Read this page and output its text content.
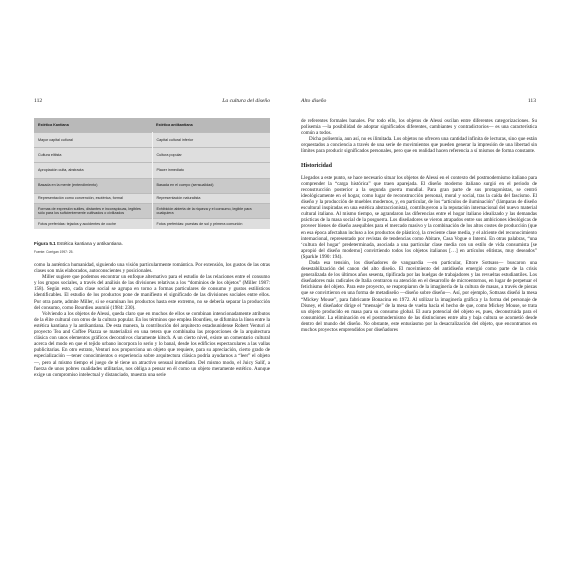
112	La cultura del diseño
Estética Kantiana	Estética antikantiana
Mayor capital cultural	Capital cultural inferior
Cultura elitista	Cultura popular
Apropiación culta, abstracta	Placer inmediato
Basada en la mente (entendimiento)	Basada en el cuerpo (sensualidad)
Representación como convención, esotérica, formal	Representación naturalista
Formas de expresión sutiles, distantes e inconspicuas, legibles sólo para los suficientemente cultivados o civilizados	Exhibición abierta de la riqueza y el consumo, legible para cualquiera
Fotos preferidas: tejados y accidentes de coche	Fotos preferidas: puestas de sol y primera comunión
Figura 5.1 Estética kantiana y antikantiana.
Fuente: Corrigan 1997: 25.

como la auténtica humanidad, siguiendo una visión particularmente romántica. Por extensión, los gustos de las otras clases son más elaborados, autoconscientes y posicionales.

Miller sugiere que podemos encontrar un enfoque alternativo para el estudio de las relaciones entre el consumo y los grupos sociales, a través del análisis de las divisiones relativas a los “dominios de los objetos” (Miller 1987: 158). Según esto, cada clase social se agrupa en torno a formas particulares de consumo y gustos estilísticos identificables. El estudio de los productos pone de manifiesto el significado de las divisiones sociales entre ellos. Por otra parte, admite Miller, si se examinan los productos hasta este extremo, no se debería separar la producción del consumo, como Bourdieu asumió (1984: 230).

Volviendo a los objetos de Alessi, queda claro que en muchos de ellos se combinan intencionadamente atributos de la élite cultural con otros de la cultura popular. En los términos que emplea Bourdieu, se difumina la línea entre la estética kantiana y la antikantiana. De esta manera, la contribución del arquitecto estadounidense Robert Venturi al proyecto Tea and Coffee Piazza se materializó en una tetera que combinaba las proporciones de la arquitectura clásica con unos elementos gráficos decorativos claramente kitsch. A un cierto nivel, existe un comentario cultural acerca del modo en que el tejido urbano incorpora lo serio y lo banal, desde los edificios espectaculares a las vallas publicitarias. En otro estrato, Venturi nos proporciona un objeto que requiere, para su apreciación, cierto grado de especialización —tener conocimientos o experiencia sobre arquitectura clásica podría ayudarnos a “leer” el objeto—, pero al mismo tiempo el juego de té tiene un atractivo sensual inmediato. Del mismo modo, el Juicy Salif, a fuerza de unos pobres cualidades utilitarias, nos obliga a pensar en él como un objeto meramente estético. Aunque exige un compromiso intelectual y distanciado, muestra una serie

Alto diseño	113

de referentes formales banales. Por todo ello, los objetos de Alessi oscilan entre diferentes categorizaciones. Su polisemia —la posibilidad de adoptar significados diferentes, cambiantes y contradictorios— es una característica común a todos.

Dicha polisemia, aun así, no es ilimitada. Los objetos no ofrecen una cantidad infinita de lecturas, sino que están orquestados a conciencia a través de una serie de movimientos que pueden generar la impresión de una libertad sin límites para producir significados personales, pero que en realidad hacen referencia a sí mismos de forma constante.

Historicidad

Llegados a este punto, se hace necesario situar los objetos de Alessi en el contexto del postmodernismo italiano para comprender la “carga histórica” que traen aparejada. El diseño moderno italiano surgió en el periodo de reconstrucción posterior a la segunda guerra mundial. Para gran parte de sus protagonistas, se centró ideológicamente en el hogar, como lugar de reconstrucción personal, moral y social, tras la caída del fascismo. El diseño y la producción de muebles modernos, y, en particular, de los “artículos de iluminación” (lámparas de diseño escultural inspiradas en una estética abstraccionista), contribuyeron a la reputación internacional del nuevo material cultural italiano. Al mismo tiempo, se agrandaron las diferencias entre el hogar italiano idealizado y las demandas prácticas de la masa social de la posguerra. Los diseñadores se vieron atrapados entre sus ambiciones ideológicas de proveer bienes de diseño asequibles para el mercado masivo y la combinación de los altos costes de producción (que en esa época afectaban incluso a los productos de plástico), la creciente clase media, y el alciente del reconocimiento internacional, representado por revistas de tendencias como Abitare, Casa Vogue o Interni. En otras palabras, “una ‘cultura del hogar’ predeterminada, asociada a una particular clase media con un estilo de vida consumista [se apropió del diseño moderno] convirtiendo todos los objetos italianos […] en artículos elitistas, muy deseados” (Sparkle 1990: 194).

Dada esa tensión, los diseñadores de vanguardia —en particular, Ettore Sottsass— buscaron una desestabilización del canon del alto diseño. El movimiento del antidiseño emergió como parte de la crisis generalizada de los últimos años sesenta, tipificada por las huelgas de trabajadores y las revueltas estudiantiles. Los diseñadores más radicales de Italia centraron su atención en el desarrollo de microentornos, en lugar de perpetuar el fetichismo del objeto. Para este proyecto, se reapropiaron de la imaginería de la cultura de masas, a través de piezas que se convirtieron en una forma de metadiseño —diseño sobre diseño—. Así, por ejemplo, Sottsass diseñó la mesa “Mickey Mouse”, para fabricante Bonacina en 1972. Al utilizar la imaginería gráfica y la forma del personaje de Disney, el diseñador dirige el “mensaje” de la mesa de vuelta hacia el hecho de que, como Mickey Mouse, se trata un objeto producido en masa para su consumo global. El aura potencial del objeto es, pues, deconstruida para el consumidor. La eliminación en el postmodernismo de las distinciones entre alta y baja cultura se acometió desde dentro del mundo del diseño. No obstante, este entusiasmo por la desacralización del objeto, que encontramos en muchos proyectos emprendidos por diseñadores
